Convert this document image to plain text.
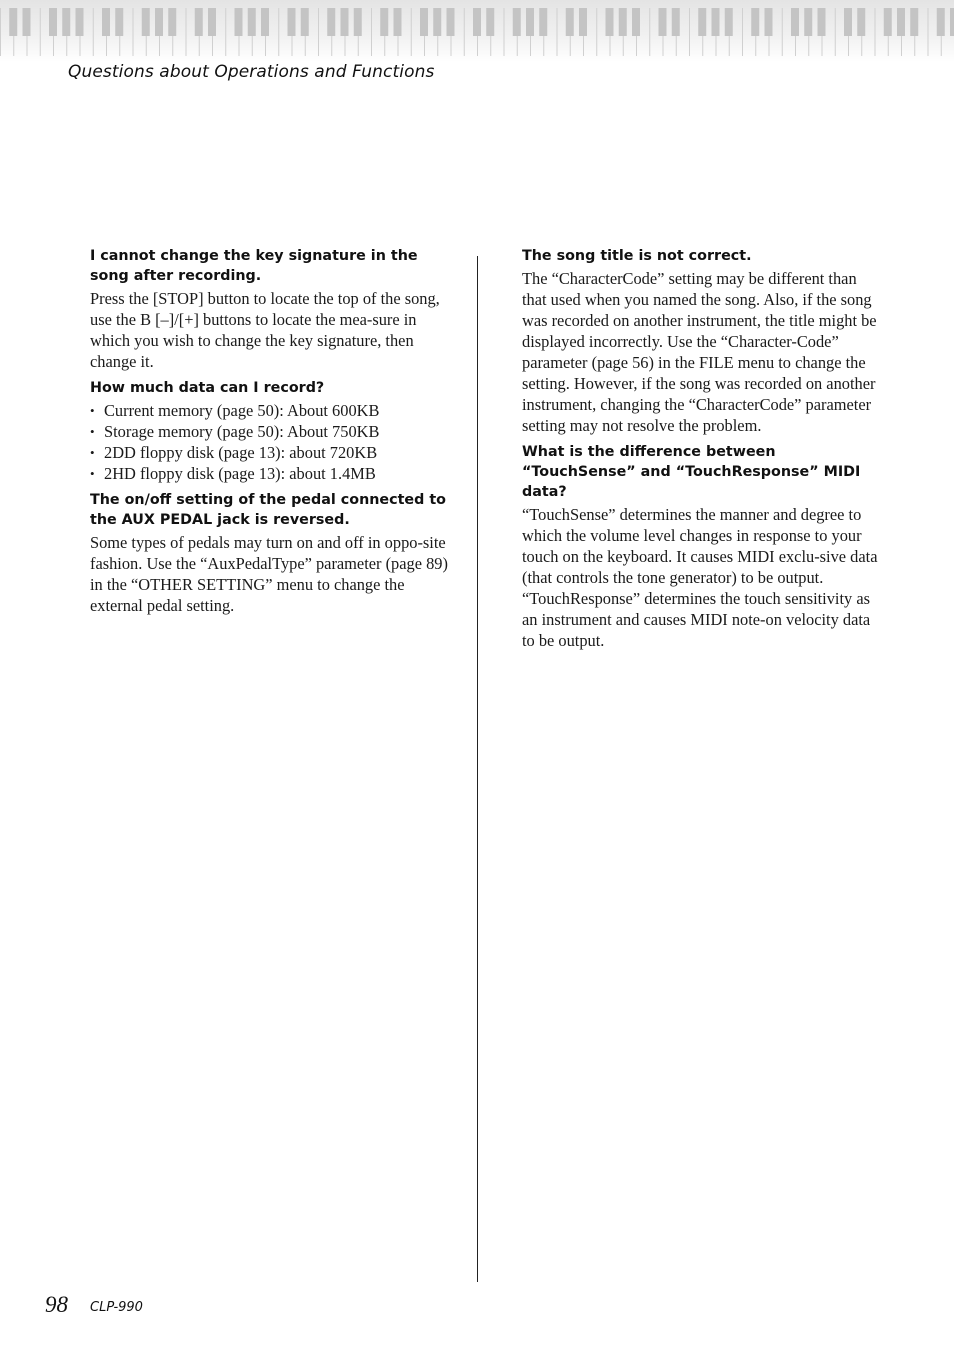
Questions about Operations and Functions

I cannot change the key signature in the song after recording.

Press the [STOP] button to locate the top of the song, use the B [–]/[+] buttons to locate the mea-sure in which you wish to change the key signature, then change it.

How much data can I record?

• Current memory (page 50): About 600KB
• Storage memory (page 50): About 750KB
• 2DD floppy disk (page 13): about 720KB
• 2HD floppy disk (page 13): about 1.4MB

The on/off setting of the pedal connected to the AUX PEDAL jack is reversed.

Some types of pedals may turn on and off in oppo-site fashion. Use the “AuxPedalType” parameter (page 89) in the “OTHER SETTING” menu to change the external pedal setting.

The song title is not correct.

The “CharacterCode” setting may be different than that used when you named the song. Also, if the song was recorded on another instrument, the title might be displayed incorrectly. Use the “Character-Code” parameter (page 56) in the FILE menu to change the setting. However, if the song was recorded on another instrument, changing the “CharacterCode” parameter setting may not resolve the problem.

What is the difference between “TouchSense” and “TouchResponse” MIDI data?

“TouchSense” determines the manner and degree to which the volume level changes in response to your touch on the keyboard. It causes MIDI exclu-sive data (that controls the tone generator) to be output.

“TouchResponse” determines the touch sensitivity as an instrument and causes MIDI note-on velocity data to be output.

98 CLP-990
